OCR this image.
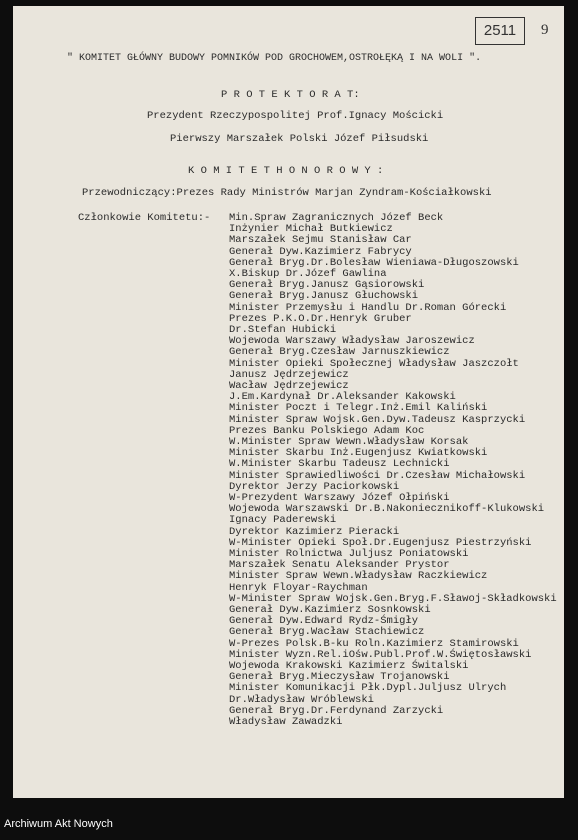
2511	9
" KOMITET GŁÓWNY BUDOWY POMNIKÓW POD GROCHOWEM,OSTROŁĘKĄ I NA WOLI ".
P R O T E K T O R A T:
Prezydent Rzeczypospolitej Prof.Ignacy Mościcki
Pierwszy Marszałek Polski Józef Piłsudski
K O M I T E T H O N O R O W Y :
Przewodniczący:Prezes Rady Ministrów Marjan Zyndram-Kościałkowski
Członkowie Komitetu:- Min.Spraw Zagranicznych Józef Beck
Inżynier Michał Butkiewicz
Marszałek Sejmu Stanisław Car
Generał Dyw.Kazimierz Fabrycy
Generał Bryg.Dr.Bolesław Wieniawa-Długoszowski
X.Biskup Dr.Józef Gawlina
Generał Bryg.Janusz Gąsiorowski
Generał Bryg.Janusz Głuchowski
Minister Przemysłu i Handlu Dr.Roman Górecki
Prezes P.K.O.Dr.Henryk Gruber
Dr.Stefan Hubicki
Wojewoda Warszawy Władysław Jaroszewicz
Generał Bryg.Czesław Jarnuszkiewicz
Minister Opieki Społecznej Władysław Jaszczołt
Janusz Jędrzejewicz
Wacław Jędrzejewicz
J.Em.Kardynał Dr.Aleksander Kakowski
Minister Poczt i Telegr.Inż.Emil Kaliński
Minister Spraw Wojsk.Gen.Dyw.Tadeusz Kasprzycki
Prezes Banku Polskiego Adam Koc
W.Minister Spraw Wewn.Władysław Korsak
Minister Skarbu Inż.Eugenjusz Kwiatkowski
W.Minister Skarbu Tadeusz Lechnicki
Minister Sprawiedliwości Dr.Czesław Michałowski
Dyrektor Jerzy Paciorkowski
W-Prezydent Warszawy Józef Ołpiński
Wojewoda Warszawski Dr.B.Nakoniecznikoff-Klukowski
Ignacy Paderewski
Dyrektor Kazimierz Pieracki
W-Minister Opieki Społ.Dr.Eugenjusz Piestrzyński
Minister Rolnictwa Juljusz Poniatowski
Marszałek Senatu Aleksander Prystor
Minister Spraw Wewn.Władysław Raczkiewicz
Henryk Floyar-Raychman
W-Minister Spraw Wojsk.Gen.Bryg.F.Sławoj-Składkowski
Generał Dyw.Kazimierz Sosnkowski
Generał Dyw.Edward Rydz-Śmigły
Generał Bryg.Wacław Stachiewicz
W-Prezes Polsk.B-ku Roln.Kazimierz Stamirowski
Minister Wyzn.Rel.iOśw.Publ.Prof.W.Świętosławski
Wojewoda Krakowski Kazimierz Świtalski
Generał Bryg.Mieczysław Trojanowski
Minister Komunikacji Płk.Dypl.Juljusz Ulrych
Dr.Władysław Wróblewski
Generał Bryg.Dr.Ferdynand Zarzycki
Władysław Zawadzki
Archiwum Akt Nowych
